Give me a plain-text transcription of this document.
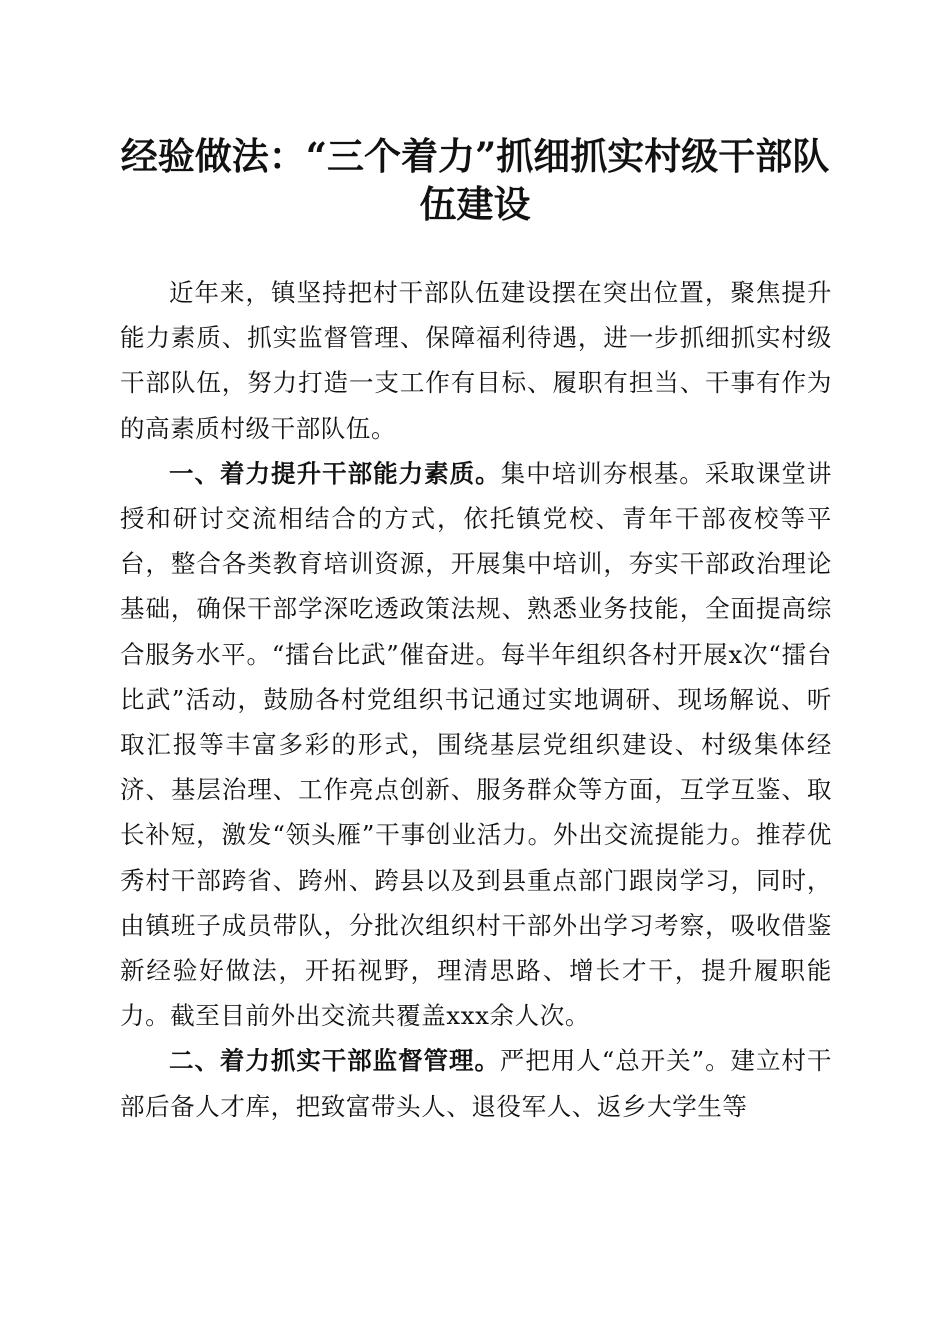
经验做法：“三个着力”抓细抓实村级干部队伍建设

近年来，镇坚持把村干部队伍建设摆在突出位置，聚焦提升能力素质、抓实监督管理、保障福利待遇，进一步抓细抓实村级干部队伍，努力打造一支工作有目标、履职有担当、干事有作为的高素质村级干部队伍。

一、着力提升干部能力素质。集中培训夯根基。采取课堂讲授和研讨交流相结合的方式，依托镇党校、青年干部夜校等平台，整合各类教育培训资源，开展集中培训，夯实干部政治理论基础，确保干部学深吃透政策法规、熟悉业务技能，全面提高综合服务水平。“擂台比武”催奋进。每半年组织各村开展x次“擂台比武”活动，鼓励各村党组织书记通过实地调研、现场解说、听取汇报等丰富多彩的形式，围绕基层党组织建设、村级集体经济、基层治理、工作亮点创新、服务群众等方面，互学互鉴、取长补短，激发“领头雁”干事创业活力。外出交流提能力。推荐优秀村干部跨省、跨州、跨县以及到县重点部门跟岗学习，同时，由镇班子成员带队，分批次组织村干部外出学习考察，吸收借鉴新经验好做法，开拓视野，理清思路、增长才干，提升履职能力。截至目前外出交流共覆盖xxx余人次。

二、着力抓实干部监督管理。严把用人“总开关”。建立村干部后备人才库，把致富带头人、退役军人、返乡大学生等
